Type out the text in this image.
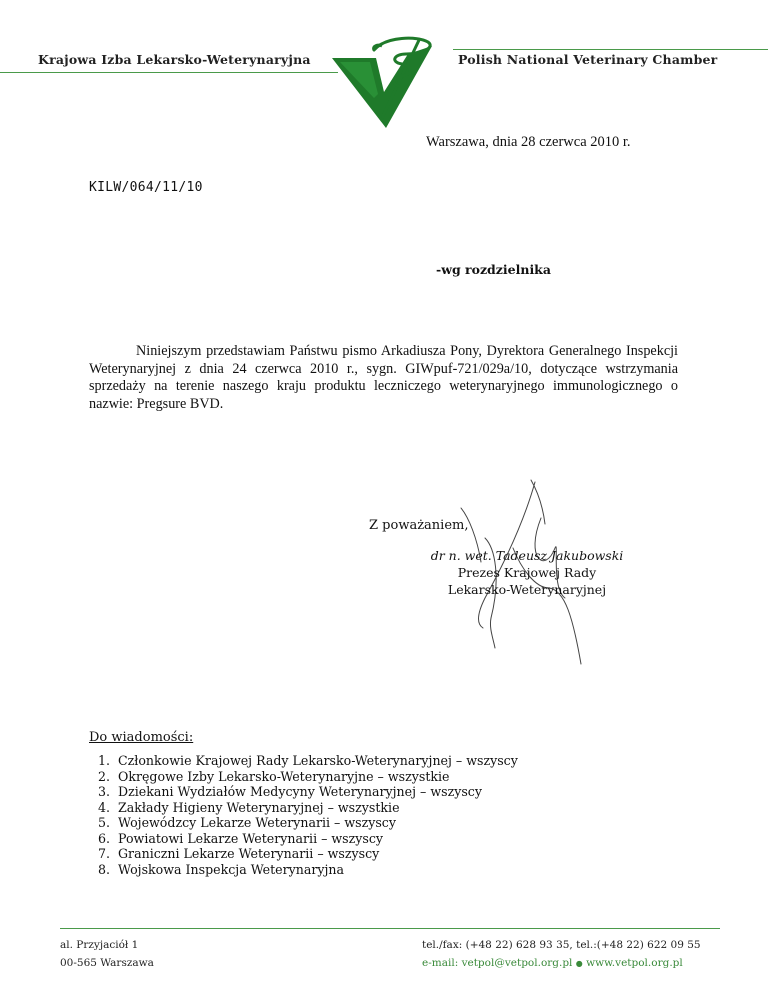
Krajowa Izba Lekarsko-Weterynaryjna	Polish National Veterinary Chamber
Warszawa, dnia 28 czerwca 2010 r.
KILW/064/11/10
-wg rozdzielnika
Niniejszym przedstawiam Państwu pismo Arkadiusza Pony, Dyrektora Generalnego Inspekcji Weterynaryjnej z dnia 24 czerwca 2010 r., sygn. GIWpuf-721/029a/10, dotyczące wstrzymania sprzedaży na terenie naszego kraju produktu leczniczego weterynaryjnego immunologicznego o nazwie: Pregsure BVD.
Z poważaniem,
dr n. wet. Tadeusz Jakubowski
Prezes Krajowej Rady
Lekarsko-Weterynaryjnej
Do wiadomości:
1. Członkowie Krajowej Rady Lekarsko-Weterynaryjnej – wszyscy
2. Okręgowe Izby Lekarsko-Weterynaryjne – wszystkie
3. Dziekani Wydziałów Medycyny Weterynaryjnej – wszyscy
4. Zakłady Higieny Weterynaryjnej – wszystkie
5. Wojewódzcy Lekarze Weterynarii – wszyscy
6. Powiatowi Lekarze Weterynarii – wszyscy
7. Graniczni Lekarze Weterynarii – wszyscy
8. Wojskowa Inspekcja Weterynaryjna
al. Przyjaciół 1
00-565 Warszawa
tel./fax: (+48 22) 628 93 35, tel.:(+48 22) 622 09 55
e-mail: vetpol@vetpol.org.pl ● www.vetpol.org.pl
